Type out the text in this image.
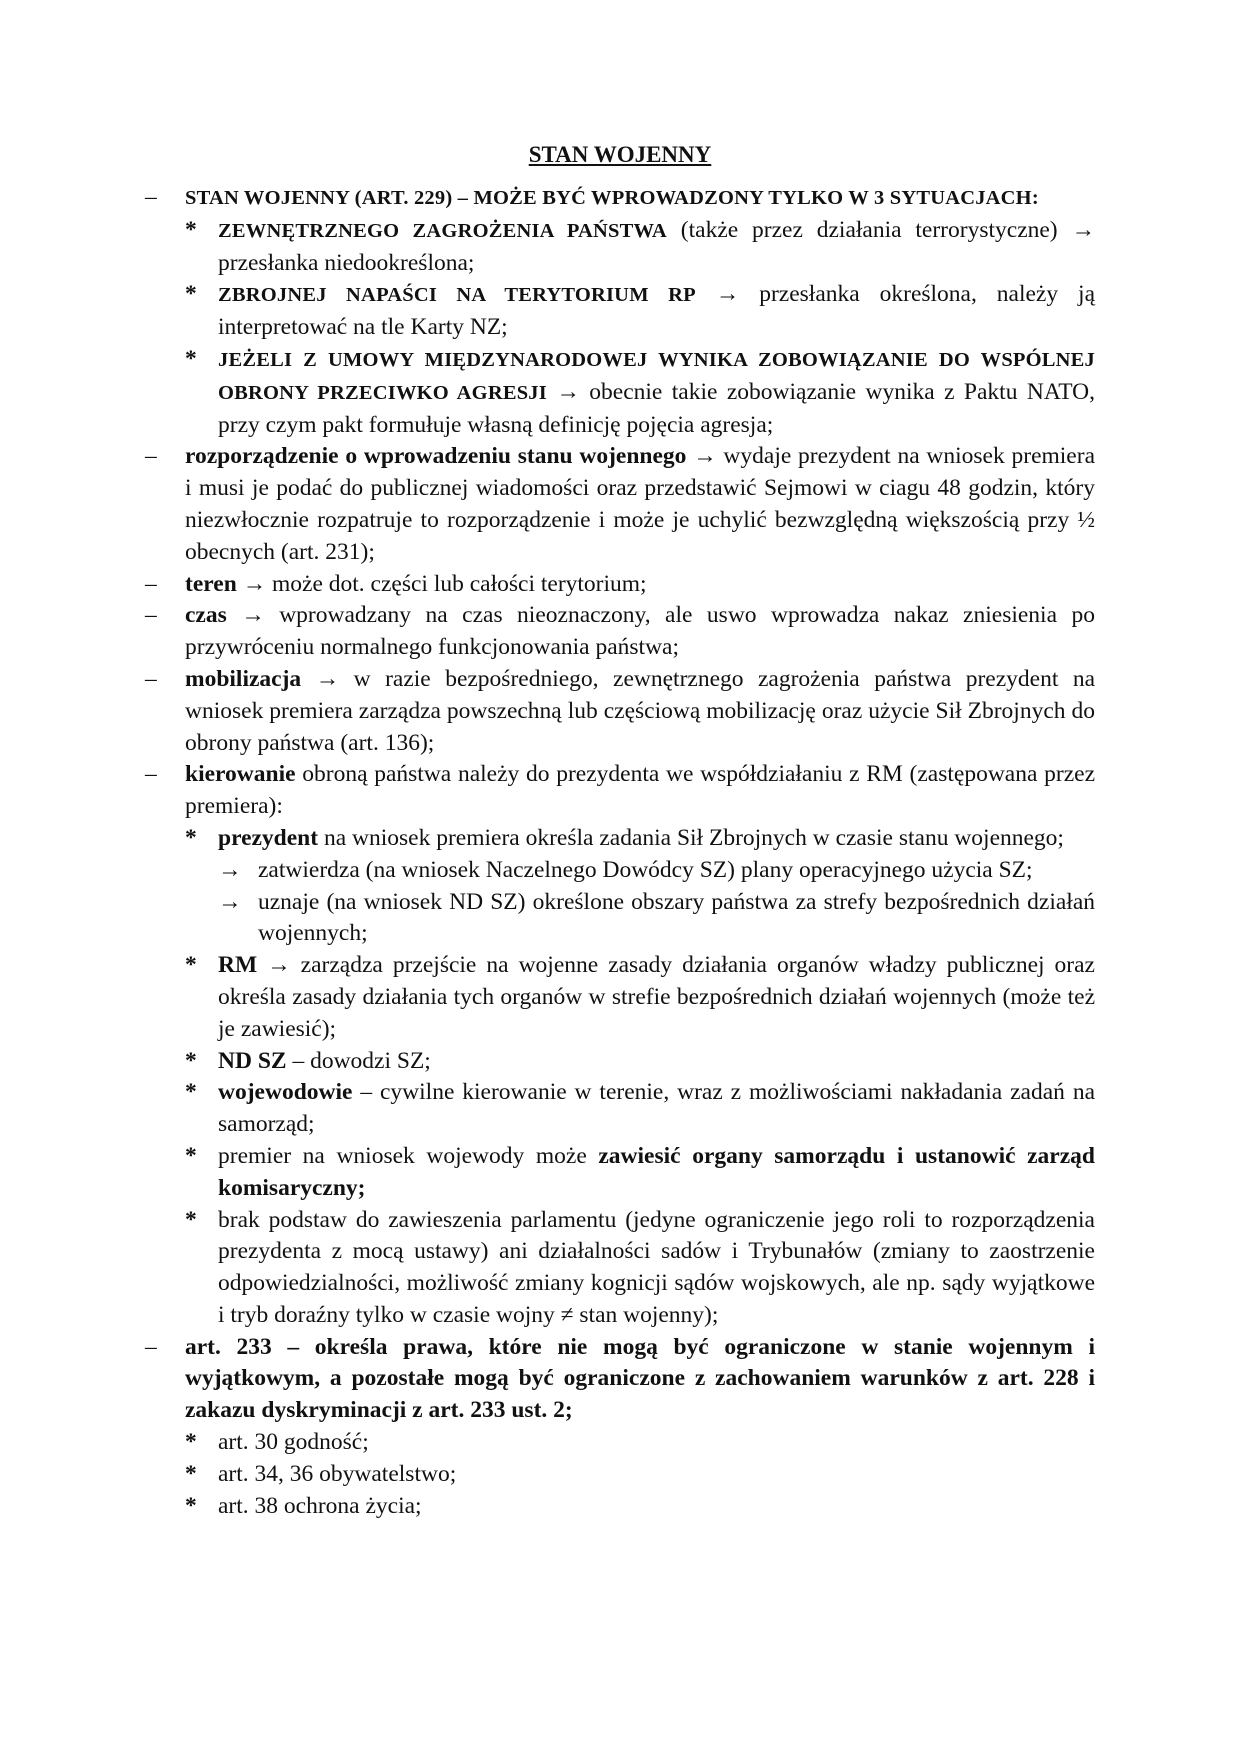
STAN WOJENNY
– STAN WOJENNY (ART. 229) – MOŻE BYĆ WPROWADZONY TYLKO W 3 SYTUACJACH:
* ZEWNĘTRZNEGO ZAGROŻENIA PAŃSTWA (także przez działania terrorystyczne) → przesłanka niedookreślona;
* ZBROJNEJ NAPAŚCI NA TERYTORIUM RP → przesłanka określona, należy ją interpretować na tle Karty NZ;
* JEŻELI Z UMOWY MIĘDZYNARODOWEJ WYNIKA ZOBOWIĄZANIE DO WSPÓLNEJ OBRONY PRZECIWKO AGRESJI → obecnie takie zobowiązanie wynika z Paktu NATO, przy czym pakt formułuje własną definicję pojęcia agresja;
– rozporządzenie o wprowadzeniu stanu wojennego → wydaje prezydent na wniosek premiera i musi je podać do publicznej wiadomości oraz przedstawić Sejmowi w ciagu 48 godzin, który niezwłocznie rozpatruje to rozporządzenie i może je uchylić bezwzględną większością przy ½ obecnych (art. 231);
– teren → może dot. części lub całości terytorium;
– czas → wprowadzany na czas nieoznaczony, ale uswo wprowadza nakaz zniesienia po przywróceniu normalnego funkcjonowania państwa;
– mobilizacja → w razie bezpośredniego, zewnętrznego zagrożenia państwa prezydent na wniosek premiera zarządza powszechną lub częściową mobilizację oraz użycie Sił Zbrojnych do obrony państwa (art. 136);
– kierowanie obroną państwa należy do prezydenta we współdziałaniu z RM (zastępowana przez premiera):
* prezydent na wniosek premiera określa zadania Sił Zbrojnych w czasie stanu wojennego;
→ zatwierdza (na wniosek Naczelnego Dowódcy SZ) plany operacyjnego użycia SZ;
→ uznaje (na wniosek ND SZ) określone obszary państwa za strefy bezpośrednich działań wojennych;
* RM → zarządza przejście na wojenne zasady działania organów władzy publicznej oraz określa zasady działania tych organów w strefie bezpośrednich działań wojennych (może też je zawiesić);
* ND SZ – dowodzi SZ;
* wojewodowie – cywilne kierowanie w terenie, wraz z możliwościami nakładania zadań na samorząd;
* premier na wniosek wojewody może zawiesić organy samorządu i ustanowić zarząd komisaryczny;
* brak podstaw do zawieszenia parlamentu (jedyne ograniczenie jego roli to rozporządzenia prezydenta z mocą ustawy) ani działalności sadów i Trybunałów (zmiany to zaostrzenie odpowiedzialności, możliwość zmiany kognicji sądów wojskowych, ale np. sądy wyjątkowe i tryb doraźny tylko w czasie wojny ≠ stan wojenny);
– art. 233 – określa prawa, które nie mogą być ograniczone w stanie wojennym i wyjątkowym, a pozostałe mogą być ograniczone z zachowaniem warunków z art. 228 i zakazu dyskryminacji z art. 233 ust. 2;
* art. 30 godność;
* art. 34, 36 obywatelstwo;
* art. 38 ochrona życia;
